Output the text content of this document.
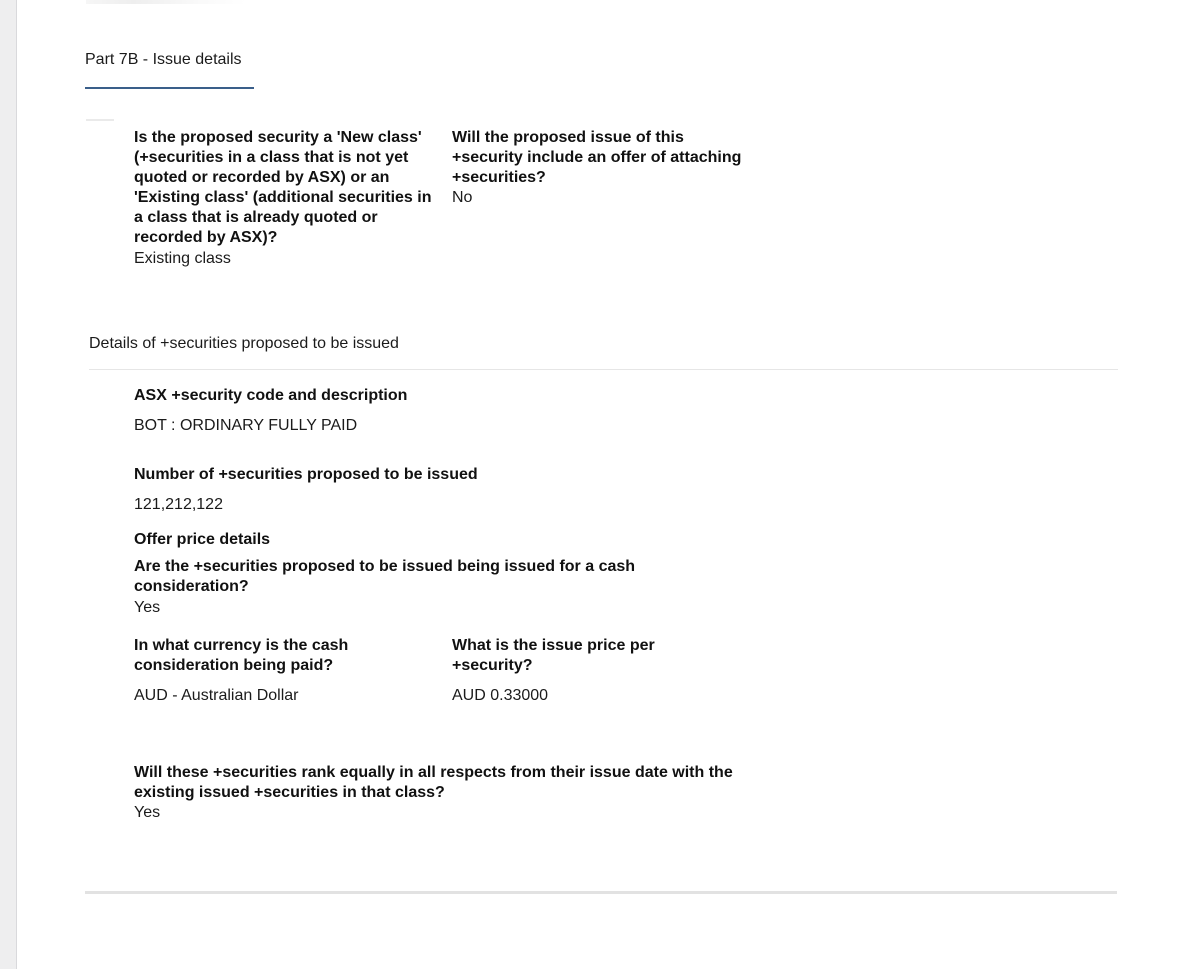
Part 7B - Issue details
Is the proposed security a 'New class' (+securities in a class that is not yet quoted or recorded by ASX) or an 'Existing class' (additional securities in a class that is already quoted or recorded by ASX)?
Existing class
Will the proposed issue of this +security include an offer of attaching +securities?
No
Details of +securities proposed to be issued
ASX +security code and description
BOT : ORDINARY FULLY PAID
Number of +securities proposed to be issued
121,212,122
Offer price details
Are the +securities proposed to be issued being issued for a cash consideration?
Yes
In what currency is the cash consideration being paid?
AUD - Australian Dollar
What is the issue price per +security?
AUD 0.33000
Will these +securities rank equally in all respects from their issue date with the existing issued +securities in that class?
Yes
